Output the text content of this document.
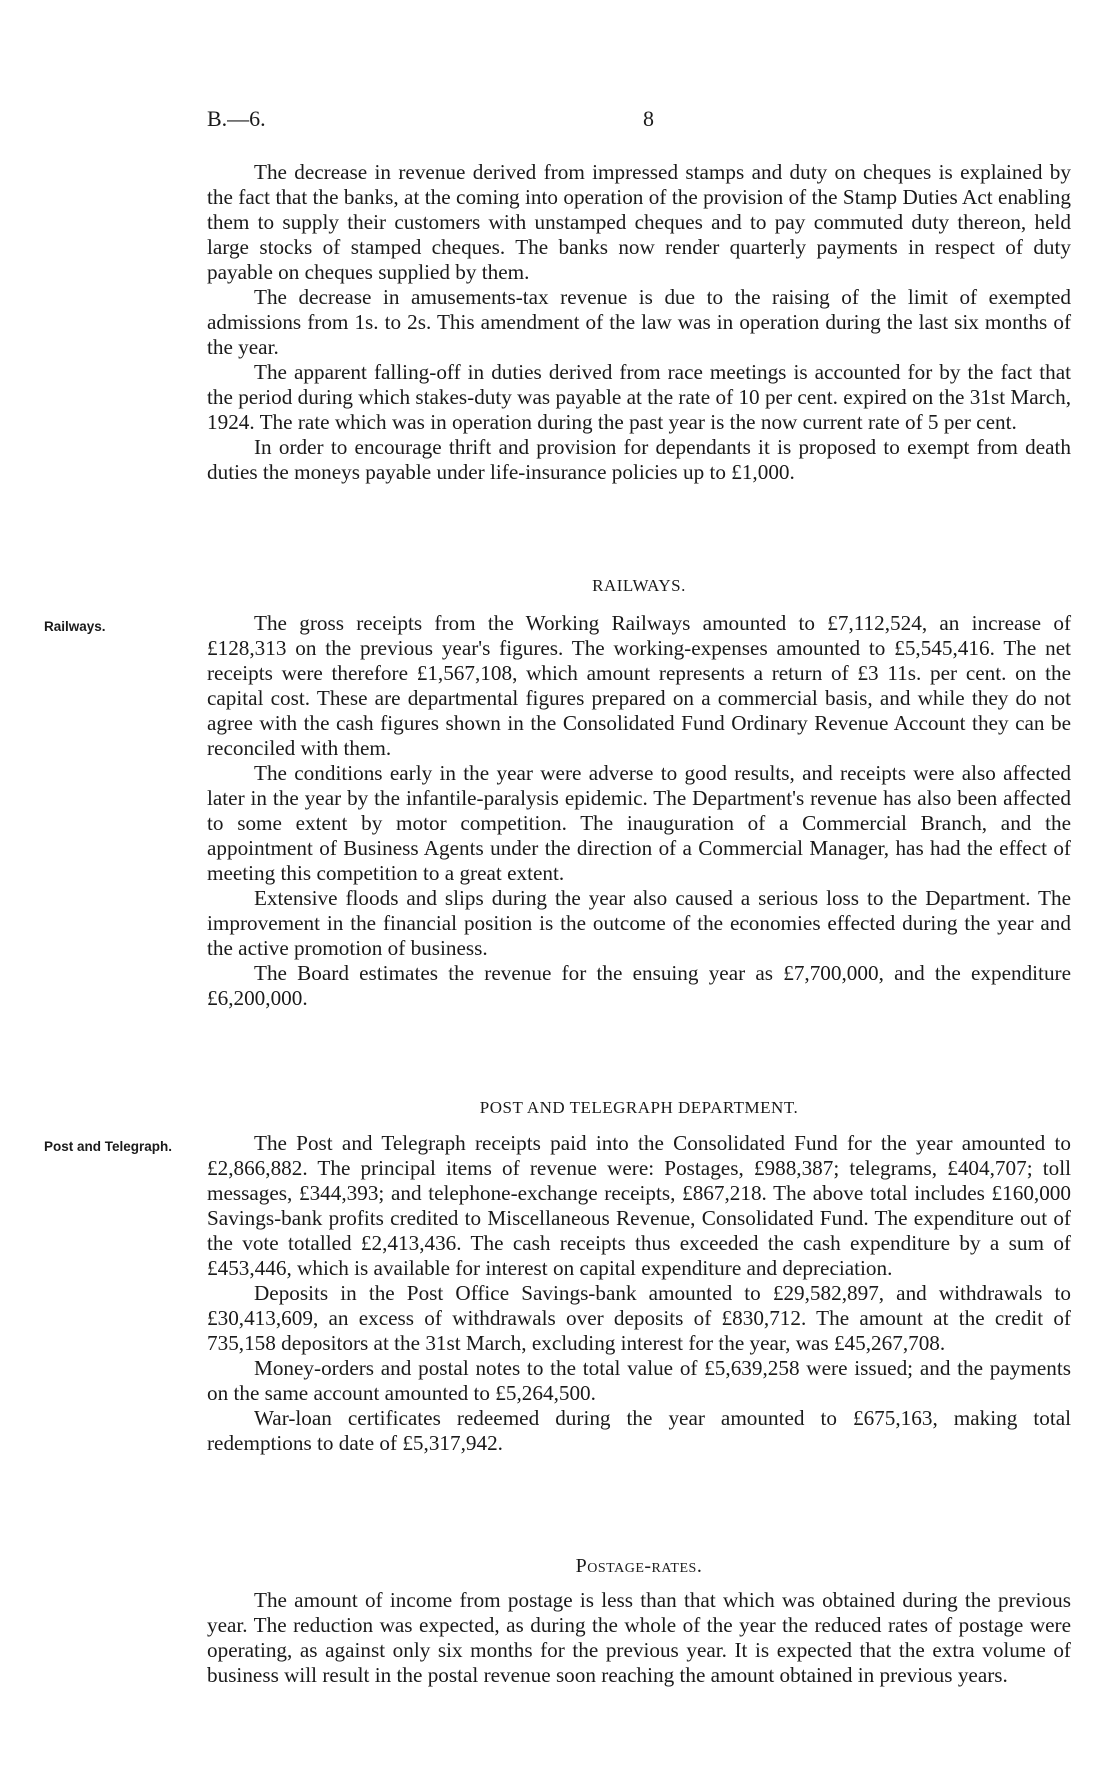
B.—6.	8

The decrease in revenue derived from impressed stamps and duty on cheques is explained by the fact that the banks, at the coming into operation of the provision of the Stamp Duties Act enabling them to supply their customers with unstamped cheques and to pay commuted duty thereon, held large stocks of stamped cheques. The banks now render quarterly payments in respect of duty payable on cheques supplied by them.

The decrease in amusements-tax revenue is due to the raising of the limit of exempted admissions from 1s. to 2s. This amendment of the law was in operation during the last six months of the year.

The apparent falling-off in duties derived from race meetings is accounted for by the fact that the period during which stakes-duty was payable at the rate of 10 per cent. expired on the 31st March, 1924. The rate which was in operation during the past year is the now current rate of 5 per cent.

In order to encourage thrift and provision for dependants it is proposed to exempt from death duties the moneys payable under life-insurance policies up to £1,000.

RAILWAYS.
Railways.	The gross receipts from the Working Railways amounted to £7,112,524, an increase of £128,313 on the previous year's figures. The working-expenses amounted to £5,545,416. The net receipts were therefore £1,567,108, which amount represents a return of £3 11s. per cent. on the capital cost. These are departmental figures prepared on a commercial basis, and while they do not agree with the cash figures shown in the Consolidated Fund Ordinary Revenue Account they can be reconciled with them.

The conditions early in the year were adverse to good results, and receipts were also affected later in the year by the infantile-paralysis epidemic. The Department's revenue has also been affected to some extent by motor competition. The inauguration of a Commercial Branch, and the appointment of Business Agents under the direction of a Commercial Manager, has had the effect of meeting this competition to a great extent.

Extensive floods and slips during the year also caused a serious loss to the Department. The improvement in the financial position is the outcome of the economies effected during the year and the active promotion of business.

The Board estimates the revenue for the ensuing year as £7,700,000, and the expenditure £6,200,000.

POST AND TELEGRAPH DEPARTMENT.
Post and Telegraph.	The Post and Telegraph receipts paid into the Consolidated Fund for the year amounted to £2,866,882. The principal items of revenue were: Postages, £988,387; telegrams, £404,707; toll messages, £344,393; and telephone-exchange receipts, £867,218. The above total includes £160,000 Savings-bank profits credited to Miscellaneous Revenue, Consolidated Fund. The expenditure out of the vote totalled £2,413,436. The cash receipts thus exceeded the cash expenditure by a sum of £453,446, which is available for interest on capital expenditure and depreciation.

Deposits in the Post Office Savings-bank amounted to £29,582,897, and withdrawals to £30,413,609, an excess of withdrawals over deposits of £830,712. The amount at the credit of 735,158 depositors at the 31st March, excluding interest for the year, was £45,267,708.

Money-orders and postal notes to the total value of £5,639,258 were issued; and the payments on the same account amounted to £5,264,500.

War-loan certificates redeemed during the year amounted to £675,163, making total redemptions to date of £5,317,942.

Postage-rates.

The amount of income from postage is less than that which was obtained during the previous year. The reduction was expected, as during the whole of the year the reduced rates of postage were operating, as against only six months for the previous year. It is expected that the extra volume of business will result in the postal revenue soon reaching the amount obtained in previous years.
